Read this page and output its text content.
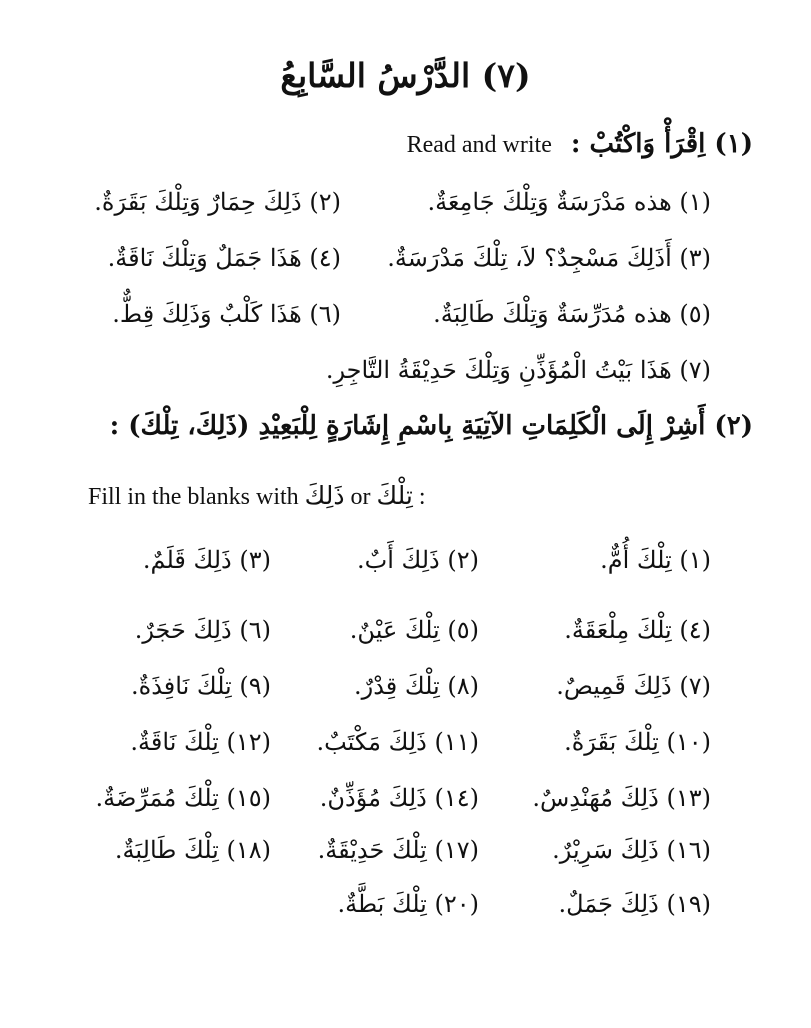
(٧) الدَّرْسُ السَّابِعُ
(١) اِقْرَأْ وَاكْتُبْ : Read and write
(١) هذه مَدْرَسَةٌ وَتِلْكَ جَامِعَةٌ.
(٢) ذَلِكَ حِمَارٌ وَتِلْكَ بَقَرَةٌ.
(٣) أَذَلِكَ مَسْجِدٌ؟ لاَ، تِلْكَ مَدْرَسَةٌ.
(٤) هَذَا جَمَلٌ وَتِلْكَ نَاقَةٌ.
(٥) هذه مُدَرِّسَةٌ وَتِلْكَ طَالِبَةٌ.
(٦) هَذَا كَلْبٌ وَذَلِكَ قِطٌّ.
(٧) هَذَا بَيْتُ الْمُؤَذِّنِ وَتِلْكَ حَدِيْقَةُ التَّاجِرِ.
(٢) أَشِرْ إِلَى الْكَلِمَاتِ الآتِيَةِ بِاسْمِ إِشَارَةٍ لِلْبَعِيْدِ (ذَلِكَ، تِلْكَ) :
Fill in the blanks with ذَلِكَ or تِلْكَ :
(١) تِلْكَ أُمٌّ.
(٢) ذَلِكَ أَبٌ.
(٣) ذَلِكَ قَلَمٌ.
(٤) تِلْكَ مِلْعَقَةٌ.
(٥) تِلْكَ عَيْنٌ.
(٦) ذَلِكَ حَجَرٌ.
(٧) ذَلِكَ قَمِيصٌ.
(٨) تِلْكَ قِدْرٌ.
(٩) تِلْكَ نَافِذَةٌ.
(١٠) تِلْكَ بَقَرَةٌ.
(١١) ذَلِكَ مَكْتَبٌ.
(١٢) تِلْكَ نَاقَةٌ.
(١٣) ذَلِكَ مُهَنْدِسٌ.
(١٤) ذَلِكَ مُؤَذِّنٌ.
(١٥) تِلْكَ مُمَرِّضَةٌ.
(١٦) ذَلِكَ سَرِيْرٌ.
(١٧) تِلْكَ حَدِيْقَةٌ.
(١٨) تِلْكَ طَالِبَةٌ.
(١٩) ذَلِكَ جَمَلٌ.
(٢٠) تِلْكَ بَطَّةٌ.
